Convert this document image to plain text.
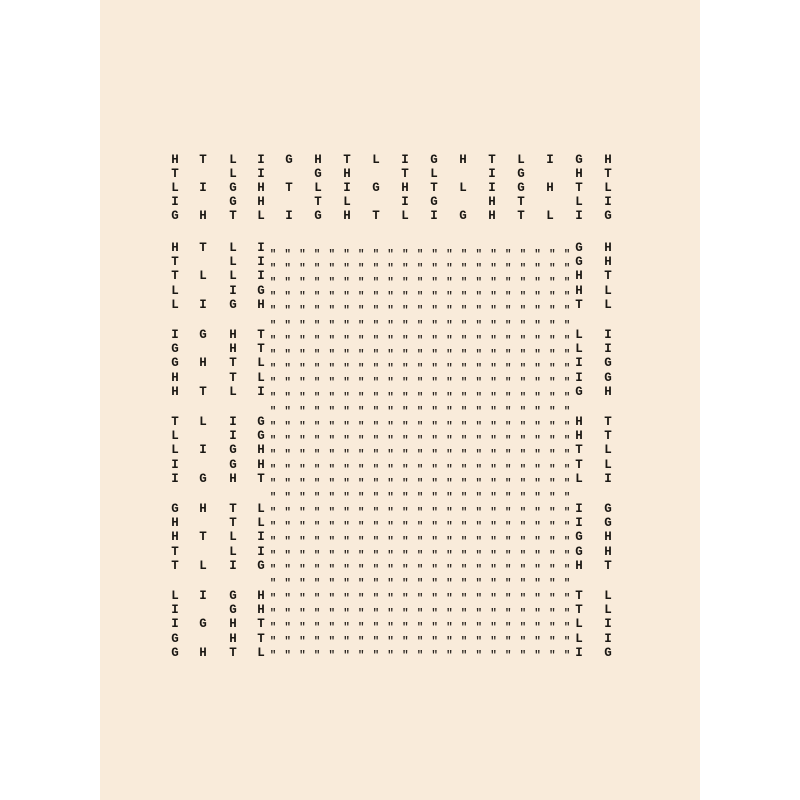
H T L I G H T L I G H T L I G H
T	L I	G H	T L	I G	H T
L I G H T L I G H T L I G H T L
I	G H	T L	I G	H T	L I
G H T L I G H T L I G H T L I G
H T L I	G H
T	L I	G H
T L L I	H T
L	I G	H L
L I G H	T L
I G H T	L I
G	H T	L I
G H T L	I G
H	T L	I G
H T L I	G H
T L I G	H T
L	I G	H T
L I G H	T L
I	G H	T L
I G H T	L I
G H T L	I G
H	T L	I G
H T L I	G H
T	L I	G H
T L I G	H T
L I G H	T L
I	G H	T L
I G H T	L I
G	H T	L I
G H T L	I G
" " " " " " " " " " " " " " " " " " " " "
" " " " " " " " " " " " " " " " " " " " "
" " " " " " " " " " " " " " " " " " " " "
" " " " " " " " " " " " " " " " " " " " "
" " " " " " " " " " " " " " " " " " " " "
" " " " " " " " " " " " " " " " " " " " "
" " " " " " " " " " " " " " " " " " " " "
" " " " " " " " " " " " " " " " " " " " "
" " " " " " " " " " " " " " " " " " " " "
" " " " " " " " " " " " " " " " " " " " "
" " " " " " " " " " " " " " " " " " " " "
" " " " " " " " " " " " " " " " " " " " "
" " " " " " " " " " " " " " " " " " " " "
" " " " " " " " " " " " " " " " " " " " "
" " " " " " " " " " " " " " " " " " " " "
" " " " " " " " " " " " " " " " " " " " "
" " " " " " " " " " " " " " " " " " " " "
" " " " " " " " " " " " " " " " " " " " "
" " " " " " " " " " " " " " " " " " " " "
" " " " " " " " " " " " " " " " " " " " "
" " " " " " " " " " " " " " " " " " " " "
" " " " " " " " " " " " " " " " " " " " "
" " " " " " " " " " " " " " " " " " " " "
" " " " " " " " " " " " " " " " " " " " "
" " " " " " " " " " " " " " " " " " " " "
" " " " " " " " " " " " " " " " " " " " "
" " " " " " " " " " " " " " " " " " " " "
" " " " " " " " " " " " " " " " " " " " "
" " " " " " " " " " " " " " " " " " " " "
